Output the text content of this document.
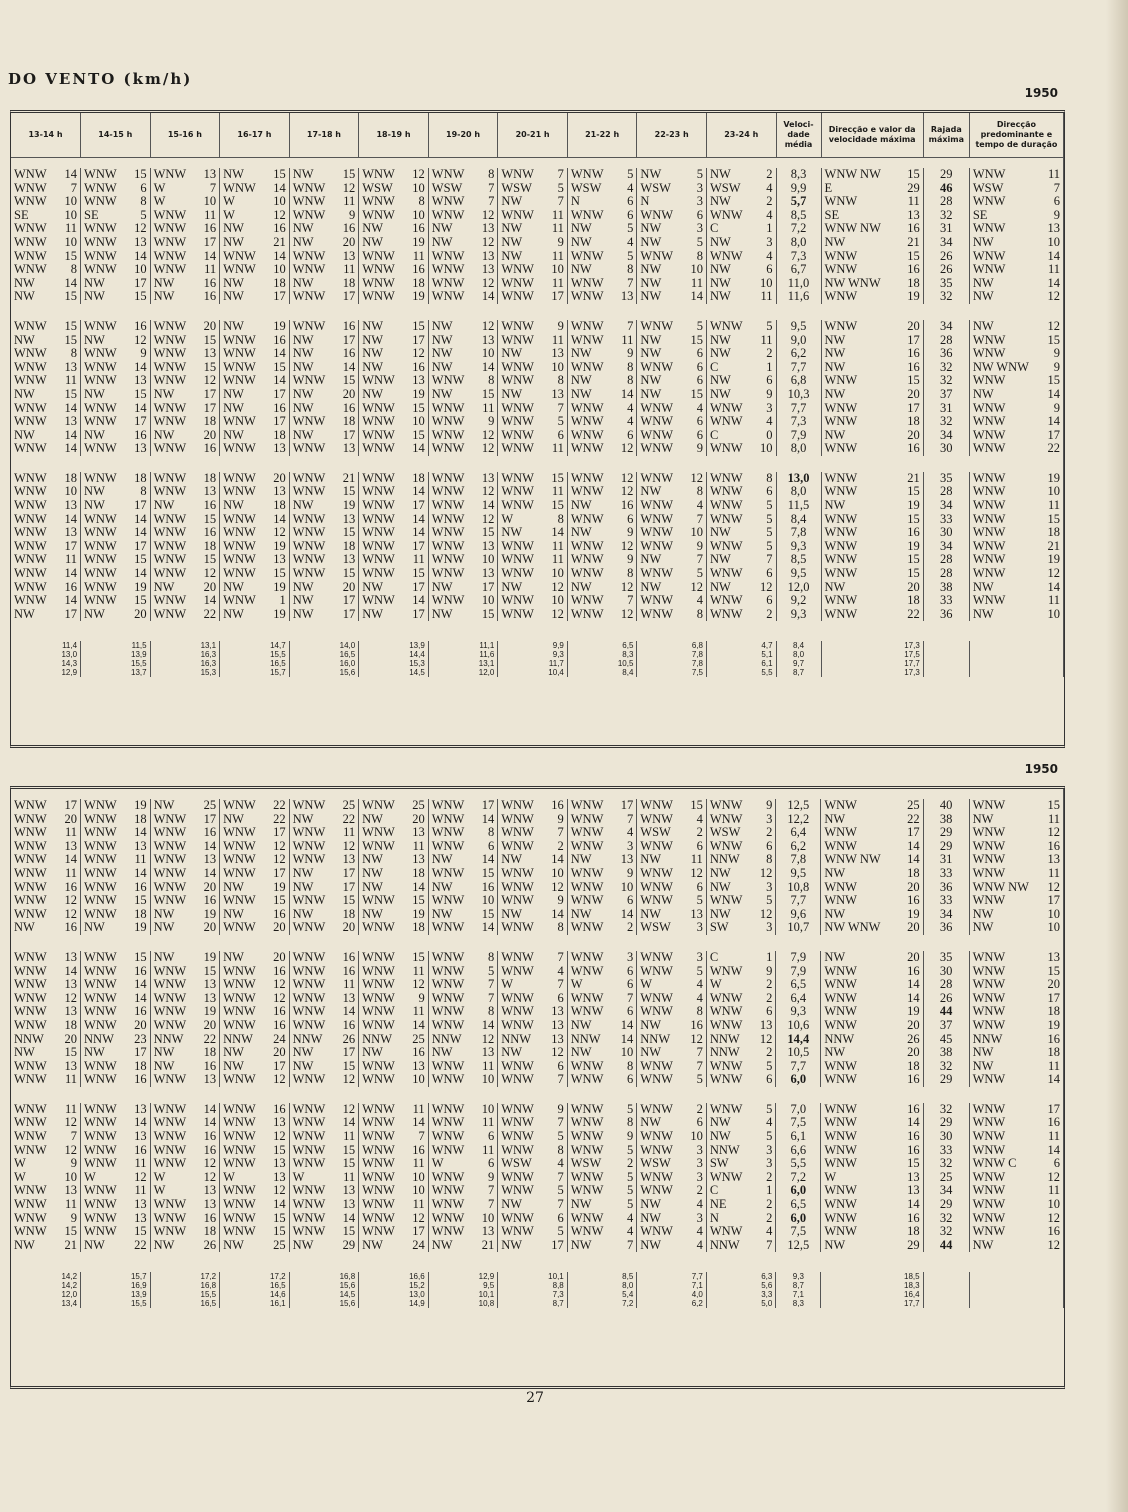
DO VENTO (km/h)
1950
1950
13-14 h	14-15 h	15-16 h	16-17 h	17-18 h	18-19 h	19-20 h	20-21 h	21-22 h	22-23 h	23-24 h	Veloci-dade média	Direcção e valor da velocidade máxima	Rajada máxima	Direcção predominante e tempo de duração

WNW 14	WNW 15	WNW 13	NW 15	NW 15	WNW 12	WNW 8	WNW 7	WNW 5	NW 5	NW 2	8,3	WNW NW 15	29	WNW 11

WNW 7	WNW 6	W 7	WNW 14	WNW 12	WSW 10	WSW 7	WSW 5	WSW 4	WSW 3	WSW 4	9,9	E 29	46	WSW 7

WNW 10	WNW 8	W 10	W 10	WNW 11	WNW 8	WNW 7	NW 7	N 6	N 3	NW 2	5,7	WNW 11	28	WNW 6

SE 10	SE 5	WNW 11	W 12	WNW 9	WNW 10	WNW 12	WNW 11	WNW 6	WNW 6	WNW 4	8,5	SE 13	32	SE 9

WNW 11	WNW 12	WNW 16	NW 16	NW 16	NW 16	NW 13	NW 11	NW 5	NW 3	C 1	7,2	WNW NW 16	31	WNW 13

WNW 10	WNW 13	WNW 17	NW 21	NW 20	NW 19	NW 12	NW 9	NW 4	NW 5	NW 3	8,0	NW 21	34	NW 10

WNW 15	WNW 14	WNW 14	WNW 14	WNW 13	WNW 11	WNW 13	NW 11	WNW 5	WNW 8	WNW 4	7,3	WNW 15	26	WNW 14

WNW 8	WNW 10	WNW 11	WNW 10	WNW 11	WNW 16	WNW 13	WNW 10	NW 8	NW 10	NW 6	6,7	WNW 16	26	WNW 11

NW 14	NW 17	NW 16	NW 18	NW 18	WNW 18	WNW 12	WNW 11	WNW 7	NW 11	NW 10	11,0	NW WNW 18	35	NW 14

NW 15	NW 15	NW 16	NW 17	WNW 17	WNW 19	WNW 14	WNW 17	WNW 13	NW 14	NW 11	11,6	WNW 19	32	NW 12

WNW 15	WNW 16	WNW 20	NW 19	WNW 16	NW 15	NW 12	WNW 9	WNW 7	WNW 5	WNW 5	9,5	WNW 20	34	NW 12

NW 15	NW 12	WNW 15	WNW 16	NW 17	NW 17	NW 13	WNW 11	WNW 11	NW 15	NW 11	9,0	NW 17	28	WNW 15

WNW 8	WNW 9	WNW 13	WNW 14	NW 16	NW 12	NW 10	NW 13	NW 9	NW 6	NW 2	6,2	NW 16	36	WNW 9

WNW 13	WNW 14	WNW 15	WNW 15	NW 14	NW 16	NW 14	WNW 10	WNW 8	WNW 6	C 1	7,7	NW 16	32	NW WNW 9

WNW 11	WNW 13	WNW 12	WNW 14	WNW 15	WNW 13	WNW 8	WNW 8	NW 8	NW 6	NW 6	6,8	WNW 15	32	WNW 15

NW 15	NW 15	NW 17	NW 17	NW 20	NW 19	NW 15	NW 13	NW 14	NW 15	NW 9	10,3	NW 20	37	NW 14

WNW 14	WNW 14	WNW 17	NW 16	NW 16	WNW 15	WNW 11	WNW 7	WNW 4	WNW 4	WNW 3	7,7	WNW 17	31	WNW 9

WNW 13	WNW 17	WNW 18	WNW 17	WNW 18	WNW 10	WNW 9	WNW 5	WNW 4	WNW 6	WNW 4	7,3	WNW 18	32	WNW 14

NW 14	NW 16	NW 20	NW 18	NW 17	WNW 15	WNW 12	WNW 6	WNW 6	WNW 6	C 0	7,9	NW 20	34	WNW 17

WNW 14	WNW 13	WNW 16	WNW 13	WNW 13	WNW 14	WNW 12	WNW 11	WNW 12	WNW 9	WNW 10	8,0	WNW 16	30	WNW 22

WNW 18	WNW 18	WNW 18	WNW 20	WNW 21	WNW 18	WNW 13	WNW 15	WNW 12	WNW 12	WNW 8	13,0	WNW 21	35	WNW 19

WNW 10	NW 8	WNW 13	WNW 13	WNW 15	WNW 14	WNW 12	WNW 11	WNW 12	NW 8	WNW 6	8,0	WNW 15	28	WNW 10

WNW 13	NW 17	NW 16	NW 18	NW 19	WNW 17	WNW 14	WNW 15	NW 16	WNW 4	WNW 5	11,5	NW 19	34	WNW 11

WNW 14	WNW 14	WNW 15	WNW 14	WNW 13	WNW 14	WNW 12	W 8	WNW 6	WNW 7	WNW 5	8,4	WNW 15	33	WNW 15

WNW 13	WNW 14	WNW 16	WNW 12	WNW 15	WNW 14	WNW 15	NW 14	NW 9	WNW 10	NW 5	7,8	WNW 16	30	WNW 18

WNW 17	WNW 17	WNW 18	WNW 19	WNW 18	WNW 17	WNW 13	WNW 11	WNW 12	WNW 9	WNW 5	9,3	WNW 19	34	WNW 21

WNW 11	WNW 15	WNW 15	WNW 13	WNW 13	WNW 11	WNW 10	WNW 11	WNW 9	NW 7	NW 7	8,5	WNW 15	28	WNW 19

WNW 14	WNW 14	WNW 12	WNW 15	WNW 15	WNW 15	WNW 13	WNW 10	WNW 8	WNW 5	WNW 6	9,5	WNW 15	28	WNW 12

WNW 16	WNW 19	NW 20	NW 19	NW 20	NW 17	NW 17	NW 12	NW 12	NW 12	NW 12	12,0	NW 20	38	NW 14

WNW 14	WNW 15	WNW 14	WNW 1	NW 17	WNW 14	WNW 10	WNW 10	WNW 7	WNW 4	WNW 6	9,2	WNW 18	33	WNW 11

NW 17	NW 20	WNW 22	NW 19	NW 17	NW 17	NW 15	WNW 12	WNW 12	WNW 8	WNW 2	9,3	WNW 22	36	NW 10

11,4	11,5	13,1	14,7	14,0	13,9	11,1	9,9	6,5	6,8	4,7	8,4	17,3		
13,0	13,9	16,3	15,5	16,5	14,4	11,6	9,3	8,3	7,8	5,1	8,0	17,5		
14,3	15,5	16,3	16,5	16,0	15,3	13,1	11,7	10,5	7,8	6,1	9,7	17,7		
12,9	13,7	15,3	15,7	15,6	14,5	12,0	10,4	8,4	7,5	5,5	8,7	17,3		

WNW 17	WNW 19	NW 25	WNW 22	WNW 25	WNW 25	WNW 17	WNW 16	WNW 17	WNW 15	WNW 9	12,5	WNW 25	40	WNW 15

WNW 20	WNW 18	WNW 17	NW 22	NW 22	NW 20	WNW 14	WNW 9	WNW 7	WNW 4	WNW 3	12,2	NW 22	38	NW 11

WNW 11	WNW 14	WNW 16	WNW 17	WNW 11	WNW 13	WNW 8	WNW 7	WNW 4	WSW 2	WSW 2	6,4	WNW 17	29	WNW 12

WNW 13	WNW 13	WNW 14	WNW 12	WNW 12	WNW 11	WNW 6	WNW 2	WNW 3	WNW 6	WNW 6	6,2	WNW 14	29	WNW 16

WNW 14	WNW 11	WNW 13	WNW 12	WNW 13	NW 13	NW 14	NW 14	NW 13	NW 11	NNW 8	7,8	WNW NW 14	31	WNW 13

WNW 11	WNW 14	WNW 14	WNW 17	NW 17	NW 18	WNW 15	WNW 10	WNW 9	WNW 12	NW 12	9,5	NW 18	33	WNW 11

WNW 16	WNW 16	WNW 20	NW 19	NW 17	NW 14	NW 16	WNW 12	WNW 10	WNW 6	NW 3	10,8	WNW 20	36	WNW NW 12

WNW 12	WNW 15	WNW 16	WNW 15	WNW 15	WNW 15	WNW 10	WNW 9	WNW 6	WNW 5	WNW 5	7,7	WNW 16	33	WNW 17

WNW 12	WNW 18	NW 19	NW 16	NW 18	NW 19	NW 15	NW 14	NW 14	NW 13	NW 12	9,6	NW 19	34	NW 10

NW 16	NW 19	NW 20	WNW 20	WNW 20	WNW 18	WNW 14	WNW 8	WNW 2	WSW 3	SW 3	10,7	NW WNW 20	36	NW 10

WNW 13	WNW 15	NW 19	NW 20	WNW 16	WNW 15	WNW 8	WNW 7	WNW 3	WNW 3	C 1	7,9	NW 20	35	WNW 13

WNW 14	WNW 16	WNW 15	WNW 16	WNW 16	WNW 11	WNW 5	WNW 4	WNW 6	WNW 5	WNW 9	7,9	WNW 16	30	WNW 15

WNW 13	WNW 14	WNW 13	WNW 12	WNW 11	WNW 12	WNW 7	W 7	W 6	W 4	W 2	6,5	WNW 14	28	WNW 20

WNW 12	WNW 14	WNW 13	WNW 12	WNW 13	WNW 9	WNW 7	WNW 6	WNW 7	WNW 4	WNW 2	6,4	WNW 14	26	WNW 17

WNW 13	WNW 16	WNW 19	WNW 16	WNW 14	WNW 11	WNW 8	WNW 13	WNW 6	WNW 8	WNW 6	9,3	WNW 19	44	WNW 18

WNW 18	WNW 20	WNW 20	WNW 16	WNW 16	WNW 14	WNW 14	WNW 13	NW 14	NW 16	WNW 13	10,6	WNW 20	37	WNW 19

NNW 20	NNW 23	NNW 22	NNW 24	NNW 26	NNW 25	NNW 12	NNW 13	NNW 14	NNW 12	NNW 12	14,4	NNW 26	45	NNW 16

NW 15	NW 17	NW 18	NW 20	NW 17	NW 16	NW 13	NW 12	NW 10	NW 7	NNW 2	10,5	NW 20	38	NW 18

WNW 13	WNW 18	NW 16	NW 17	NW 15	WNW 13	WNW 11	WNW 6	WNW 8	WNW 7	WNW 5	7,7	WNW 18	32	NW 11

WNW 11	WNW 16	WNW 13	WNW 12	WNW 12	WNW 10	WNW 10	WNW 7	WNW 6	WNW 5	WNW 6	6,0	WNW 16	29	WNW 14

WNW 11	WNW 13	WNW 14	WNW 16	WNW 12	WNW 11	WNW 10	WNW 9	WNW 5	WNW 2	WNW 5	7,0	WNW 16	32	WNW 17

WNW 12	WNW 14	WNW 14	WNW 13	WNW 14	WNW 14	WNW 11	WNW 7	WNW 8	NW 6	NW 4	7,5	WNW 14	29	WNW 16

WNW 7	WNW 13	WNW 16	WNW 12	WNW 11	WNW 7	WNW 6	WNW 5	WNW 9	WNW 10	NW 5	6,1	WNW 16	30	WNW 11

WNW 12	WNW 16	WNW 16	WNW 15	WNW 15	WNW 16	WNW 11	WNW 8	WNW 5	WNW 3	NNW 3	6,6	WNW 16	33	WNW 14

W 9	WNW 11	WNW 12	WNW 13	WNW 15	WNW 11	W 6	WSW 4	WSW 2	WSW 3	SW 3	5,5	WNW 15	32	WNW C 6

W 10	W 12	W 12	W 13	W 11	WNW 10	WNW 9	WNW 7	WNW 5	WNW 3	WNW 2	7,2	W 13	25	WNW 12

WNW 13	WNW 11	W 13	WNW 12	WNW 13	WNW 10	WNW 7	WNW 5	WNW 5	WNW 2	C 1	6,0	WNW 13	34	WNW 11

WNW 11	WNW 13	WNW 13	WNW 14	WNW 13	WNW 11	WNW 7	NW 7	NW 5	NW 4	NE 2	6,5	WNW 14	29	WNW 10

WNW 9	WNW 13	WNW 16	WNW 15	WNW 14	WNW 12	WNW 10	WNW 6	WNW 4	NW 3	N 2	6,0	WNW 16	32	WNW 12

WNW 15	WNW 15	WNW 18	WNW 15	WNW 15	WNW 17	WNW 13	WNW 5	WNW 4	WNW 4	WNW 4	7,5	WNW 18	32	WNW 16

NW 21	NW 22	NW 26	NW 25	NW 29	NW 24	NW 21	NW 17	NW 7	NW 4	NNW 7	12,5	NW 29	44	NW 12

14,2	15,7	17,2	17,2	16,8	16,6	12,9	10,1	8,5	7,7	6,3	9,3	18,5		
14,2	16,9	16,8	16,5	15,6	15,2	9,5	8,8	8,0	7,1	5,6	8,7	18,3		
12,0	13,9	15,5	14,6	14,5	13,0	10,1	7,3	5,4	4,0	3,3	7,1	16,4		
13,4	15,5	16,5	16,1	15,6	14,9	10,8	8,7	7,2	6,2	5,0	8,3	17,7		
27
